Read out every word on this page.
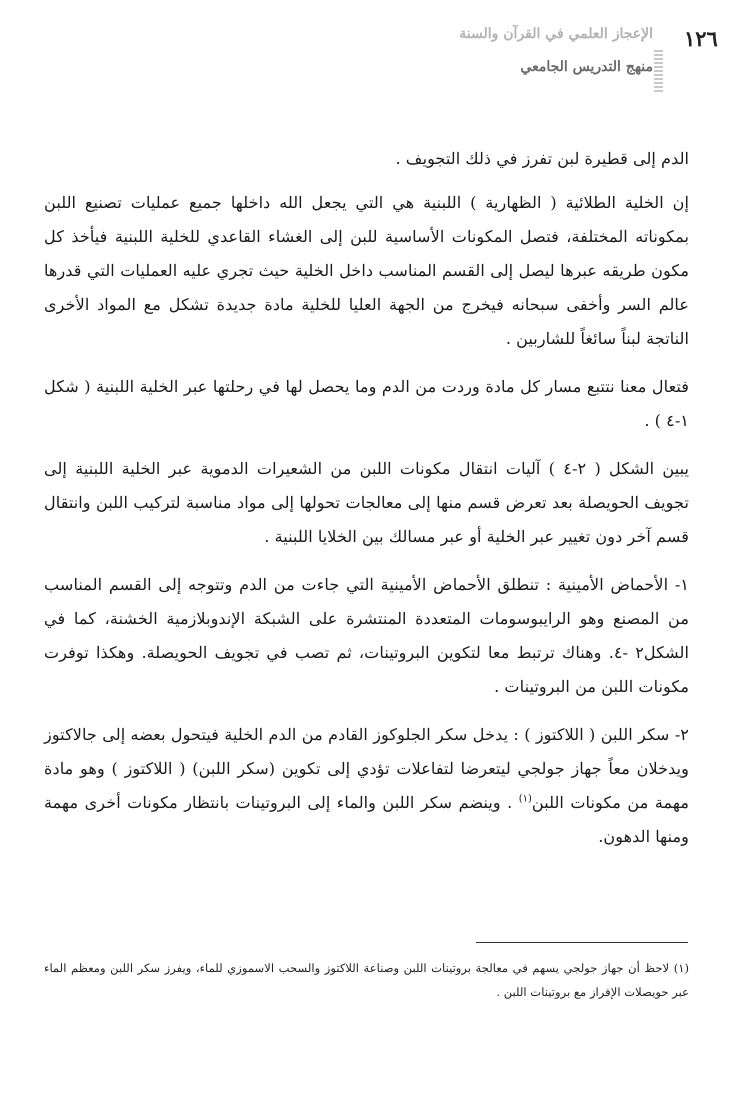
١٢٦
الإعجاز العلمي في القرآن والسنة
منهج التدريس الجامعي

الدم إلى قطيرة لبن تفرز في ذلك التجويف .

إن الخلية الطلائية ( الظهارية ) اللبنية هي التي يجعل الله داخلها جميع عمليات تصنيع اللبن بمكوناته المختلفة، فتصل المكونات الأساسية للبن إلى الغشاء القاعدي للخلية اللبنية فيأخذ كل مكون طريقه عبرها ليصل إلى القسم المناسب داخل الخلية حيث تجري عليه العمليات التي قدرها عالم السر وأخفى سبحانه فيخرج من الجهة العليا للخلية مادة جديدة تشكل مع المواد الأخرى الناتجة لبناً سائغاً للشاربين .

فتعال معنا نتتبع مسار كل مادة وردت من الدم وما يحصل لها في رحلتها عبر الخلية اللبنية ( شكل ١-٤ ) .

يبين الشكل ( ٢-٤ ) آليات انتقال مكونات اللبن من الشعيرات الدموية عبر الخلية اللبنية إلى تجويف الحويصلة بعد تعرض قسم منها إلى معالجات تحولها إلى مواد مناسبة لتركيب اللبن وانتقال قسم آخر دون تغيير عبر الخلية أو عبر مسالك بين الخلايا اللبنية .

١- الأحماض الأمينية : تنطلق الأحماض الأمينية التي جاءت من الدم وتتوجه إلى القسم المناسب من المصنع وهو الرايبوسومات المتعددة المنتشرة على الشبكة الإندوبلازمية الخشنة، كما في الشكل٢ -٤. وهناك ترتبط معا لتكوين البروتينات، ثم تصب في تجويف الحويصلة. وهكذا توفرت مكونات اللبن من البروتينات .

٢- سكر اللبن ( اللاكتوز ) : يدخل سكر الجلوكوز القادم من الدم الخلية فيتحول بعضه إلى جالاكتوز ويدخلان معاً جهاز جولجي ليتعرضا لتفاعلات تؤدي إلى تكوين (سكر اللبن) ( اللاكتوز ) وهو مادة مهمة من مكونات اللبن$^{(١)}$ . وينضم سكر اللبن والماء إلى البروتينات بانتظار مكونات أخرى مهمة ومنها الدهون.

(١) لاحظ أن جهاز جولجي يسهم في معالجة بروتينات اللبن وصناعة اللاكتوز والسحب الاسموزي للماء، ويفرز سكر اللبن ومعظم الماء عبر حويصلات الإفراز مع بروتينات اللبن .
